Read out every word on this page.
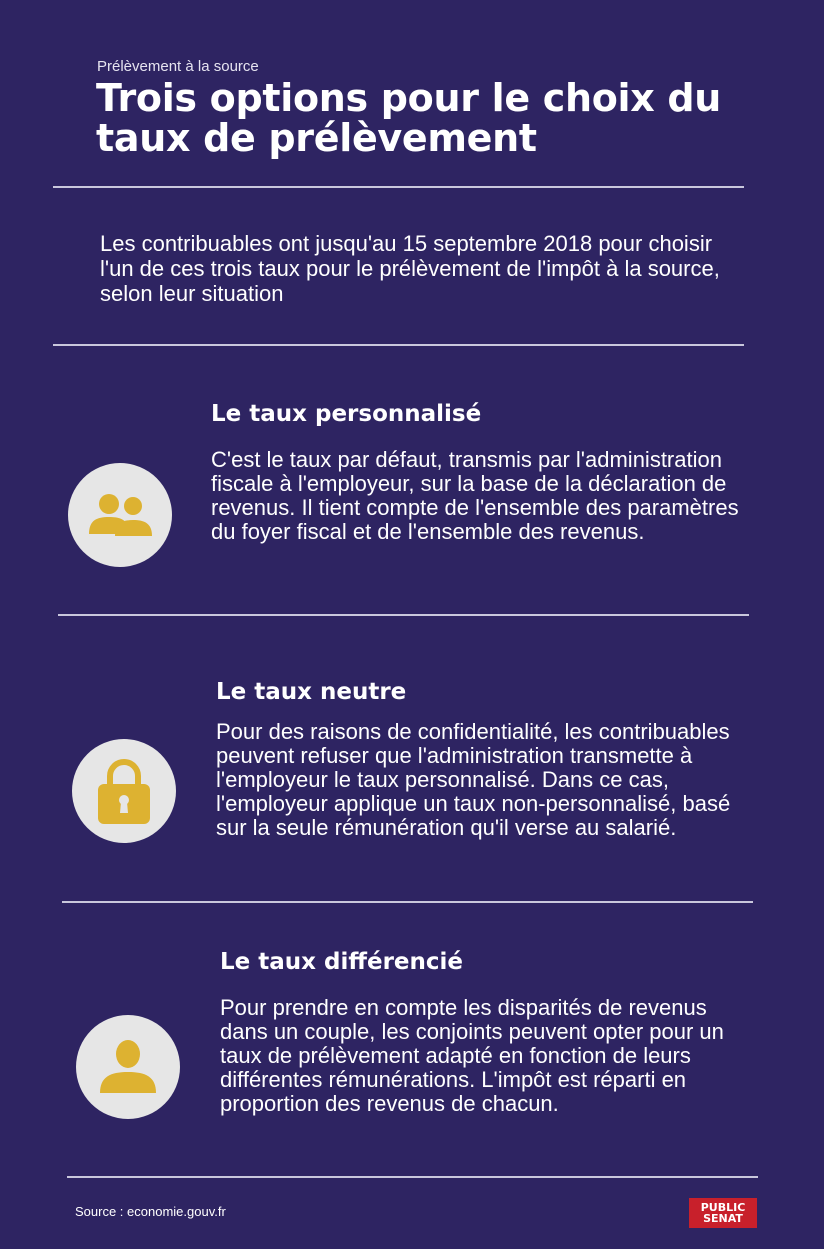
Prélèvement à la source
Trois options pour le choix du taux de prélèvement
Les contribuables ont jusqu'au 15 septembre 2018 pour choisir l'un de ces trois taux pour le prélèvement de l'impôt à la source, selon leur situation
Le taux personnalisé
C'est le taux par défaut, transmis par l'administration fiscale à l'employeur, sur la base de la déclaration de revenus. Il tient compte de l'ensemble des paramètres du foyer fiscal et de l'ensemble des revenus.
Le taux neutre
Pour des raisons de confidentialité, les contribuables peuvent refuser que l'administration transmette à l'employeur le taux personnalisé. Dans ce cas, l'employeur applique un taux non-personnalisé, basé sur la seule rémunération qu'il verse au salarié.
Le taux différencié
Pour prendre en compte les disparités de revenus dans un couple, les conjoints peuvent opter pour un taux de prélèvement adapté en fonction de leurs différentes rémunérations. L'impôt est réparti en proportion des revenus de chacun.
Source : economie.gouv.fr	PUBLIC
SENAT
